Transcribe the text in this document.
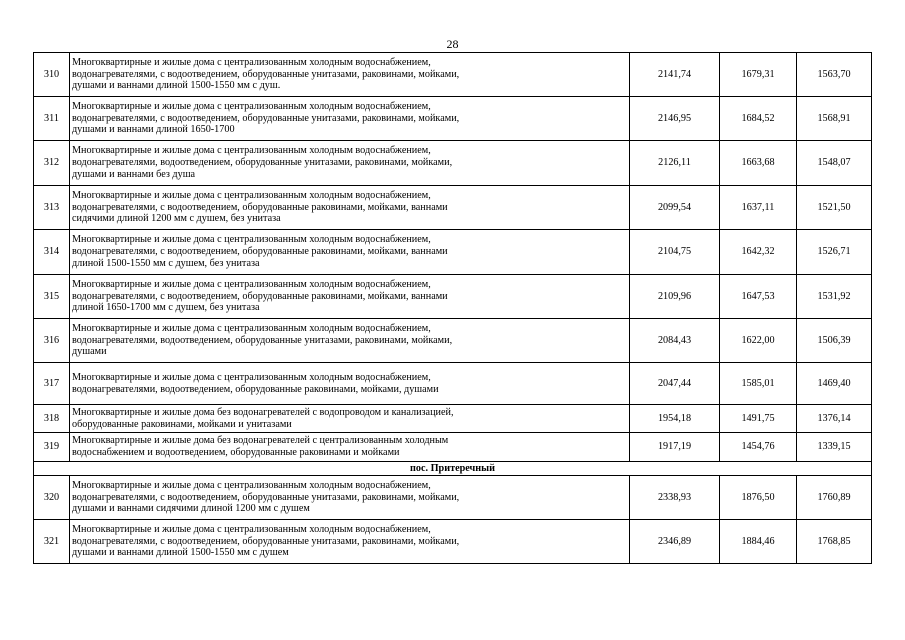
28
310	Многоквартирные и жилые дома с централизованным холодным водоснабжением,
водонагревателями, с водоотведением, оборудованные унитазами, раковинами, мойками,
душами и ваннами длиной 1500-1550 мм с душ.	2141,74	1679,31	1563,70
311	Многоквартирные и жилые дома с централизованным холодным водоснабжением,
водонагревателями, с водоотведением, оборудованные унитазами, раковинами, мойками,
душами и ваннами длиной 1650-1700	2146,95	1684,52	1568,91
312	Многоквартирные и жилые дома с централизованным холодным водоснабжением,
водонагревателями, водоотведением, оборудованные унитазами, раковинами, мойками,
душами и ваннами без душа	2126,11	1663,68	1548,07
313	Многоквартирные и жилые дома с централизованным холодным водоснабжением,
водонагревателями, с водоотведением, оборудованные раковинами, мойками, ваннами
сидячими длиной 1200 мм с душем, без унитаза	2099,54	1637,11	1521,50
314	Многоквартирные и жилые дома с централизованным холодным водоснабжением,
водонагревателями, с водоотведением, оборудованные раковинами, мойками, ваннами
длиной 1500-1550 мм с душем, без унитаза	2104,75	1642,32	1526,71
315	Многоквартирные и жилые дома с централизованным холодным водоснабжением,
водонагревателями, с водоотведением, оборудованные раковинами, мойками, ваннами
длиной 1650-1700 мм с душем, без унитаза	2109,96	1647,53	1531,92
316	Многоквартирные и жилые дома с централизованным холодным водоснабжением,
водонагревателями, водоотведением, оборудованные унитазами, раковинами, мойками,
душами	2084,43	1622,00	1506,39
317	Многоквартирные и жилые дома с централизованным холодным водоснабжением,
водонагревателями, водоотведением, оборудованные раковинами, мойками, душами	2047,44	1585,01	1469,40
318	Многоквартирные и жилые дома без водонагревателей с водопроводом и канализацией,
оборудованные раковинами, мойками и унитазами	1954,18	1491,75	1376,14
319	Многоквартирные и жилые дома без водонагревателей с централизованным холодным
водоснабжением и водоотведением, оборудованные раковинами и мойками	1917,19	1454,76	1339,15
пос. Притеречный				
320	Многоквартирные и жилые дома с централизованным холодным водоснабжением,
водонагревателями, с водоотведением, оборудованные унитазами, раковинами, мойками,
душами и ваннами сидячими длиной 1200 мм с душем	2338,93	1876,50	1760,89
321	Многоквартирные и жилые дома с централизованным холодным водоснабжением,
водонагревателями, с водоотведением, оборудованные унитазами, раковинами, мойками,
душами и ваннами длиной 1500-1550 мм с душем	2346,89	1884,46	1768,85
